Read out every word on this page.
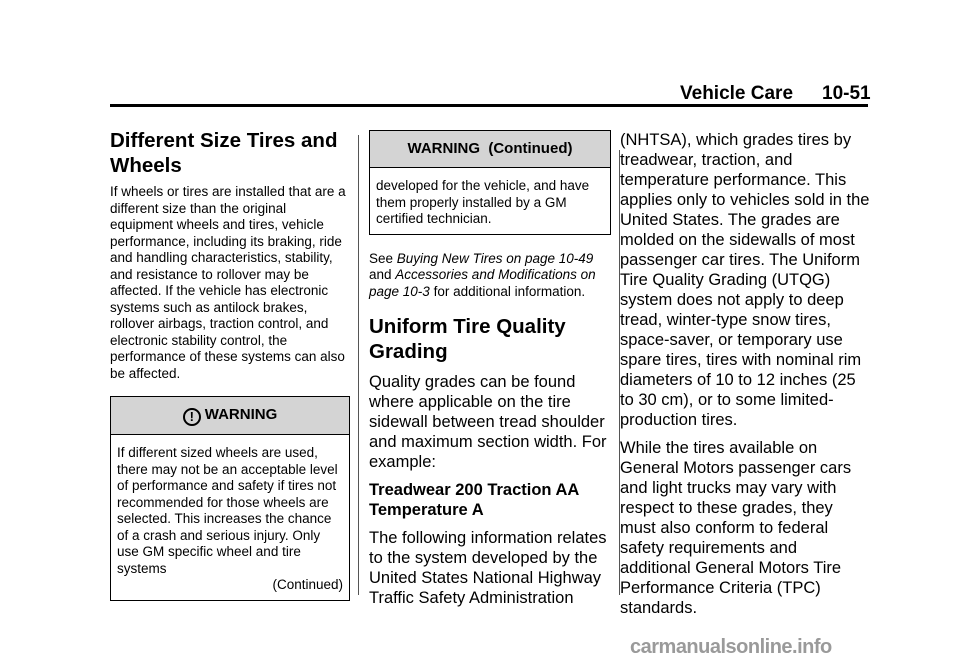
Vehicle Care 10-51
Different Size Tires and Wheels

If wheels or tires are installed that are a different size than the original equipment wheels and tires, vehicle performance, including its braking, ride and handling characteristics, stability, and resistance to rollover may be affected. If the vehicle has electronic systems such as antilock brakes, rollover airbags, traction control, and electronic stability control, the performance of these systems can also be affected.

! WARNING
If different sized wheels are used, there may not be an acceptable level of performance and safety if tires not recommended for those wheels are selected. This increases the chance of a crash and serious injury. Only use GM specific wheel and tire systems
(Continued)
WARNING  (Continued)
developed for the vehicle, and have them properly installed by a GM certified technician.

See Buying New Tires on page 10-49 and Accessories and Modifications on page 10-3 for additional information.

Uniform Tire Quality Grading

Quality grades can be found where applicable on the tire sidewall between tread shoulder and maximum section width. For example:

Treadwear 200 Traction AA Temperature A

The following information relates to the system developed by the United States National Highway Traffic Safety Administration

(NHTSA), which grades tires by treadwear, traction, and temperature performance. This applies only to vehicles sold in the United States. The grades are molded on the sidewalls of most passenger car tires. The Uniform Tire Quality Grading (UTQG) system does not apply to deep tread, winter-type snow tires, space-saver, or temporary use spare tires, tires with nominal rim diameters of 10 to 12 inches (25 to 30 cm), or to some limited-production tires.

While the tires available on General Motors passenger cars and light trucks may vary with respect to these grades, they must also conform to federal safety requirements and additional General Motors Tire Performance Criteria (TPC) standards.

carmanualsonline.info
